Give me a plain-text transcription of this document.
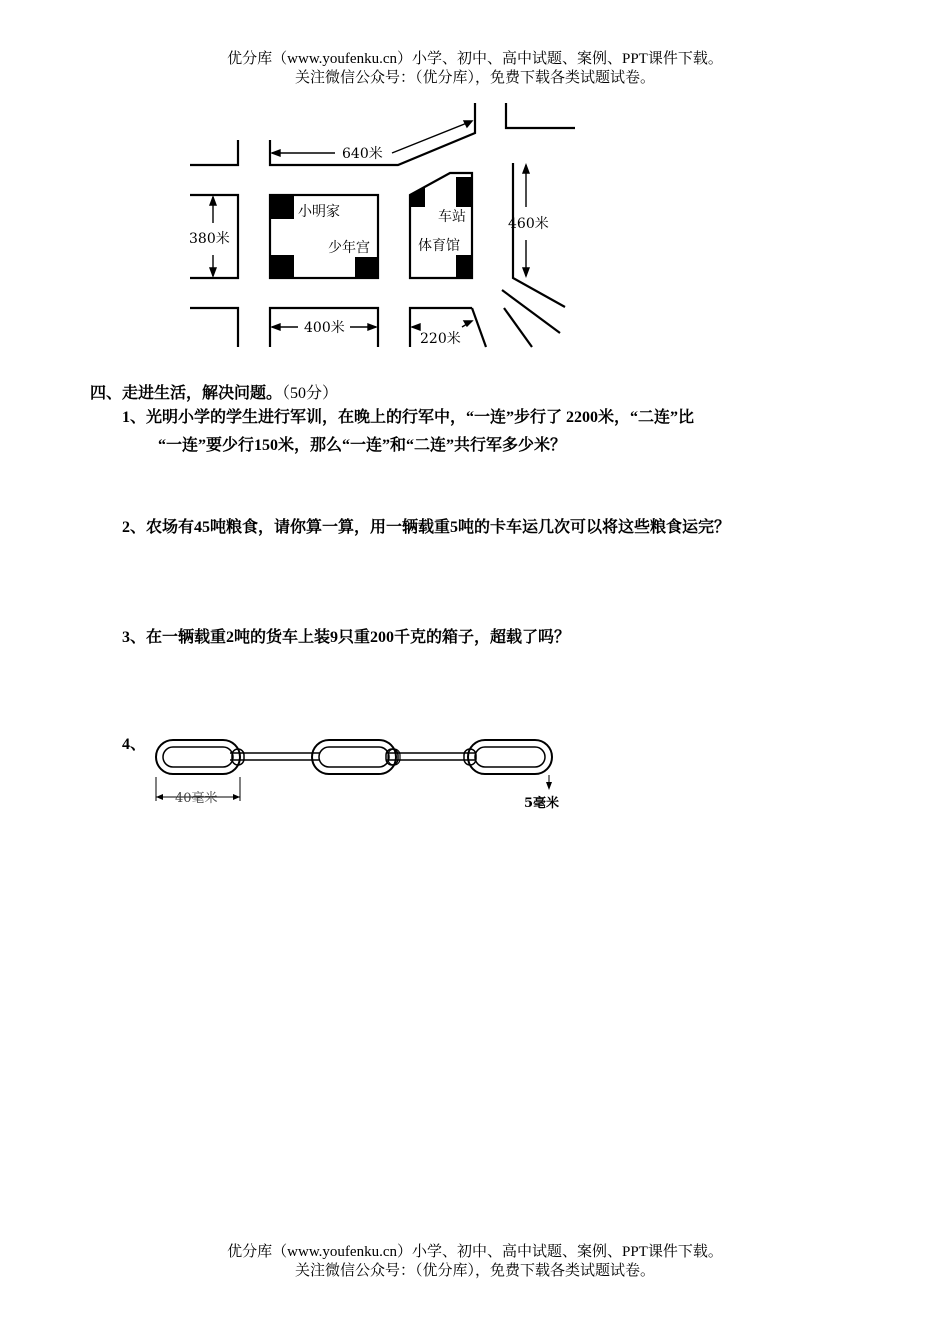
优分库（www.youfenku.cn）小学、初中、高中试题、案例、PPT课件下载。
关注微信公众号：（优分库），免费下载各类试题试卷。
640米
380米
460米
400米
220米
小明家
少年宫
车站
体育馆
四、走进生活，解决问题。（50分）
1、光明小学的学生进行军训，在晚上的行军中，“一连”步行了 2200米，“二连”比
“一连”要少行150米，那么“一连”和“二连”共行军多少米？
2、农场有45吨粮食，请你算一算，用一辆载重5吨的卡车运几次可以将这些粮食运完？
3、在一辆载重2吨的货车上装9只重200千克的箱子，超载了吗？
4、
40毫米	5毫米
优分库（www.youfenku.cn）小学、初中、高中试题、案例、PPT课件下载。
关注微信公众号：（优分库），免费下载各类试题试卷。
